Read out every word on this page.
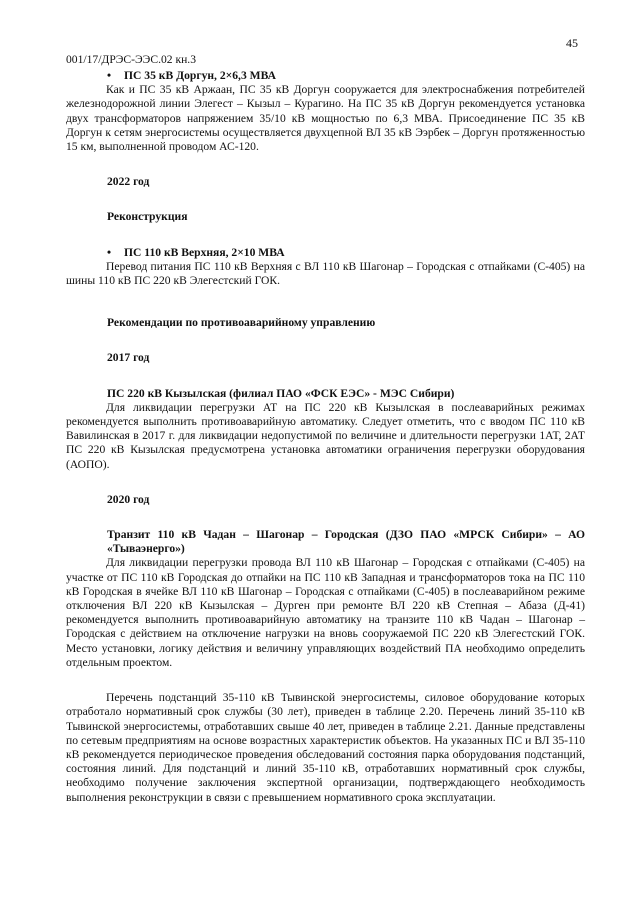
45
001/17/ДРЭС-ЭЭС.02 кн.3
•	ПС 35 кВ Доргун, 2×6,3 МВА

Как и ПС 35 кВ Аржаан, ПС 35 кВ Доргун сооружается для электроснабжения потребителей железнодорожной линии Элегест – Кызыл – Курагино. На ПС 35 кВ Доргун рекомендуется установка двух трансформаторов напряжением 35/10 кВ мощностью по 6,3 МВА. Присоединение ПС 35 кВ Доргун к сетям энергосистемы осуществляется двухцепной ВЛ 35 кВ Ээрбек – Доргун протяженностью 15 км, выполненной проводом АС-120.

2022 год

Реконструкция

•	ПС 110 кВ Верхняя, 2×10 МВА

Перевод питания ПС 110 кВ Верхняя с ВЛ 110 кВ Шагонар – Городская с отпайками (С-405) на шины 110 кВ ПС 220 кВ Элегестский ГОК.

Рекомендации по противоаварийному управлению

2017 год

ПС 220 кВ Кызылская (филиал ПАО «ФСК ЕЭС» - МЭС Сибири)

Для ликвидации перегрузки АТ на ПС 220 кВ Кызылская в послеаварийных режимах рекомендуется выполнить противоаварийную автоматику. Следует отметить, что с вводом ПС 110 кВ Вавилинская в 2017 г. для ликвидации недопустимой по величине и длительности перегрузки 1АТ, 2АТ ПС 220 кВ Кызылская предусмотрена установка автоматики ограничения перегрузки оборудования (АОПО).

2020 год

Транзит 110 кВ Чадан – Шагонар – Городская (ДЗО ПАО «МРСК Сибири» – АО «Тываэнерго»)

Для ликвидации перегрузки провода ВЛ 110 кВ Шагонар – Городская с отпайками (С-405) на участке от ПС 110 кВ Городская до отпайки на ПС 110 кВ Западная и трансформаторов тока на ПС 110 кВ Городская в ячейке ВЛ 110 кВ Шагонар – Городская с отпайками (С-405) в послеаварийном режиме отключения ВЛ 220 кВ Кызылская – Дурген при ремонте ВЛ 220 кВ Степная – Абаза (Д-41) рекомендуется выполнить противоаварийную автоматику на транзите 110 кВ Чадан – Шагонар – Городская с действием на отключение нагрузки на вновь сооружаемой ПС 220 кВ Элегестский ГОК. Место установки, логику действия и величину управляющих воздействий ПА необходимо определить отдельным проектом.

Перечень подстанций 35-110 кВ Тывинской энергосистемы, силовое оборудование которых отработало нормативный срок службы (30 лет), приведен в таблице 2.20. Перечень линий 35-110 кВ Тывинской энергосистемы, отработавших свыше 40 лет, приведен в таблице 2.21. Данные представлены по сетевым предприятиям на основе возрастных характеристик объектов. На указанных ПС и ВЛ 35-110 кВ рекомендуется периодическое проведения обследований состояния парка оборудования подстанций, состояния линий. Для подстанций и линий 35-110 кВ, отработавших нормативный срок службы, необходимо получение заключения экспертной организации, подтверждающего необходимость выполнения реконструкции в связи с превышением нормативного срока эксплуатации.
